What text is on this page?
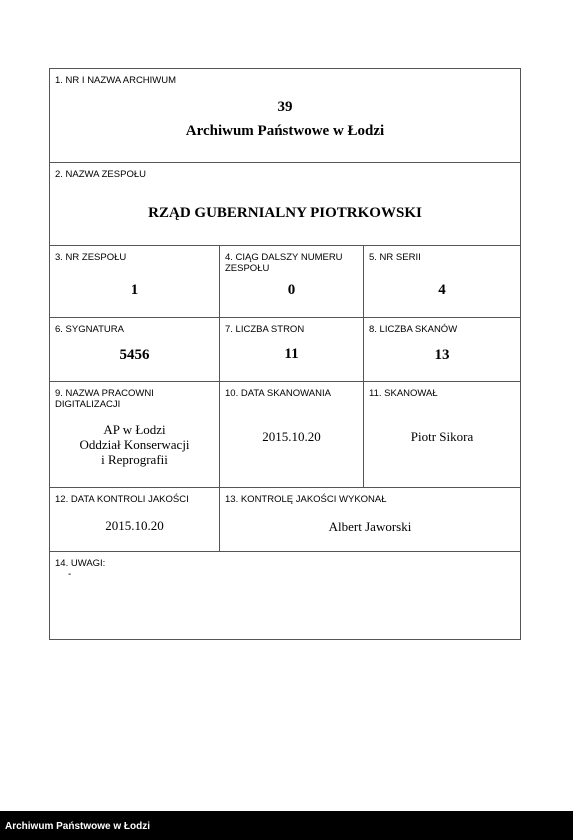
1. NR I NAZWA ARCHIWUM
39
Archiwum Państwowe w Łodzi
2. NAZWA ZESPOŁU
RZĄD GUBERNIALNY PIOTRKOWSKI
3. NR ZESPOŁU
1
4. CIĄG DALSZY NUMERU
ZESPOŁU
0
5. NR SERII
4
6. SYGNATURA
5456
7. LICZBA STRON
11
8. LICZBA SKANÓW
13
9. NAZWA PRACOWNI
DIGITALIZACJI
AP w Łodzi
Oddział Konserwacji
i Reprografii
10. DATA SKANOWANIA
2015.10.20
11. SKANOWAŁ
Piotr Sikora
12. DATA KONTROLI JAKOŚCI
2015.10.20
13. KONTROLĘ JAKOŚCI WYKONAŁ
Albert Jaworski
14. UWAGI:
-
Archiwum Państwowe w Łodzi
